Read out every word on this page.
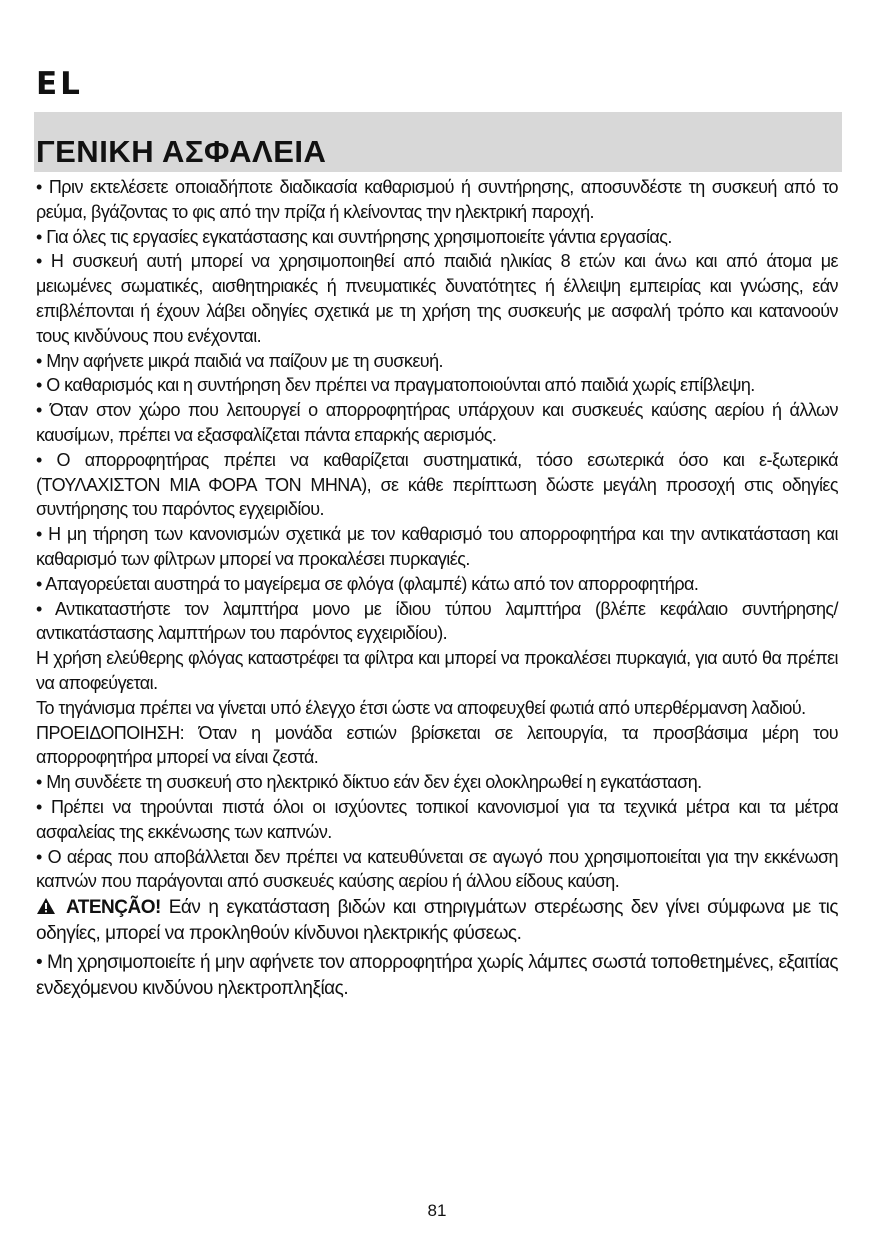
EL
ΓΕΝΙΚΗ ΑΣΦΑΛΕΙΑ

• Πριν εκτελέσετε οποιαδήποτε διαδικασία καθαρισμού ή συντήρησης, αποσυνδέστε τη συσκευή από το ρεύμα, βγάζοντας το φις από την πρίζα ή κλείνοντας την ηλεκτρική παροχή.

• Για όλες τις εργασίες εγκατάστασης και συντήρησης χρησιμοποιείτε γάντια εργασίας.

• Η συσκευή αυτή μπορεί να χρησιμοποιηθεί από παιδιά ηλικίας 8 ετών και άνω και από άτομα με μειωμένες σωματικές, αισθητηριακές ή πνευματικές δυνατότητες ή έλλειψη εμπειρίας και γνώσης, εάν επιβλέπονται ή έχουν λάβει οδηγίες σχετικά με τη χρήση της συσκευής με ασφαλή τρόπο και κατανοούν τους κινδύνους που ενέχονται.

• Μην αφήνετε μικρά παιδιά να παίζουν με τη συσκευή.

• Ο καθαρισμός και η συντήρηση δεν πρέπει να πραγματοποιούνται από παιδιά χωρίς επίβλεψη.

• Όταν στον χώρο που λειτουργεί ο απορροφητήρας υπάρχουν και συσκευές καύσης αερίου ή άλλων καυσίμων, πρέπει να εξασφαλίζεται πάντα επαρκής αερισμός.

• Ο απορροφητήρας πρέπει να καθαρίζεται συστηματικά, τόσο εσωτερικά όσο και ε-ξωτερικά (ΤΟΥΛΑΧΙΣΤΟΝ ΜΙΑ ΦΟΡΑ ΤΟΝ ΜΗΝΑ), σε κάθε περίπτωση δώστε μεγάλη προσοχή στις οδηγίες συντήρησης του παρόντος εγχειριδίου.

• Η μη τήρηση των κανονισμών σχετικά με τον καθαρισμό του απορροφητήρα και την αντικατάσταση και καθαρισμό των φίλτρων μπορεί να προκαλέσει πυρκαγιές.

• Απαγορεύεται αυστηρά το μαγείρεμα σε φλόγα (φλαμπέ) κάτω από τον απορροφητήρα.

• Αντικαταστήστε τον λαμπτήρα μονο με ίδιου τύπου λαμπτήρα (βλέπε κεφάλαιο συντήρησης/αντικατάστασης λαμπτήρων του παρόντος εγχειριδίου).

Η χρήση ελεύθερης φλόγας καταστρέφει τα φίλτρα και μπορεί να προκαλέσει πυρκαγιά, για αυτό θα πρέπει να αποφεύγεται.

Το τηγάνισμα πρέπει να γίνεται υπό έλεγχο έτσι ώστε να αποφευχθεί φωτιά από υπερθέρμανση λαδιού.

ΠΡΟΕΙΔΟΠΟΙΗΣΗ: Όταν η μονάδα εστιών βρίσκεται σε λειτουργία, τα προσβάσιμα μέρη του απορροφητήρα μπορεί να είναι ζεστά.

• Μη συνδέετε τη συσκευή στο ηλεκτρικό δίκτυο εάν δεν έχει ολοκληρωθεί η εγκατάσταση.

• Πρέπει να τηρούνται πιστά όλοι οι ισχύοντες τοπικοί κανονισμοί για τα τεχνικά μέτρα και τα μέτρα ασφαλείας της εκκένωσης των καπνών.

• Ο αέρας που αποβάλλεται δεν πρέπει να κατευθύνεται σε αγωγό που χρησιμοποιείται για την εκκένωση καπνών που παράγονται από συσκευές καύσης αερίου ή άλλου είδους καύση.

ATENÇÃO! Εάν η εγκατάσταση βιδών και στηριγμάτων στερέωσης δεν γίνει σύμφωνα με τις οδηγίες, μπορεί να προκληθούν κίνδυνοι ηλεκτρικής φύσεως.

• Μη χρησιμοποιείτε ή μην αφήνετε τον απορροφητήρα χωρίς λάμπες σωστά τοποθετημένες, εξαιτίας ενδεχόμενου κινδύνου ηλεκτροπληξίας.

81
